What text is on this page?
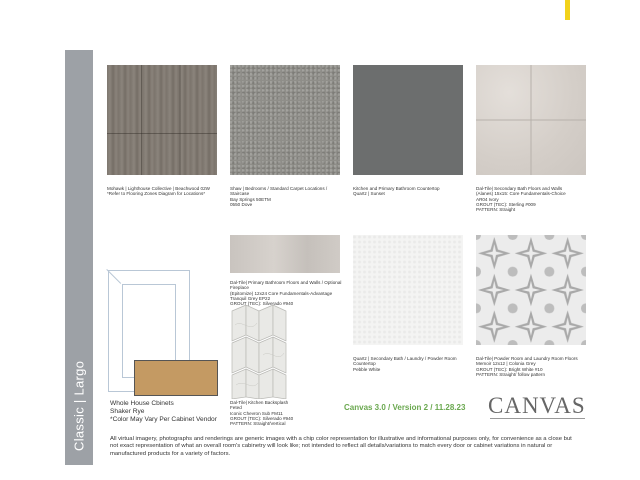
Classic | Largo
Mohawk | Lighthouse Collective | Beachwood 02W
*Refer to Flooring Zones Diagram for Locations*
Shaw | Bedrooms / Standard Carpet Locations /
Staircase
Bay Springs 50ETM
0550 Dove
Kitchen and Primary Bathroom Countertop
Quartz | Sunset
Dal-Tile| Secondary Bath Floors and Walls
(Alanes) 15x15: Core Fundamentals-Choice
AR04 Ivory
GROUT (TEC): Sterling #009
PATTERN: Straight
Dal-Tile| Primary Bathroom Floors and Walls / Optional
Fireplace
(Epitomize) 12x24 Core Fundamentals-Advantage
Tranquil Grey EP22
GROUT (TEC): Silverado #940
Quartz | Secondary Bath / Laundry / Powder Room
Countertop
Pebble White
Dal-Tile| Powder Room and Laundry Room Floors
Memoir 12x12 | Colonia Grey
GROUT (TEC): Bright White #10
PATTERN: Straight/ follow pattern
Dal-Tile| Kitchen Backsplash
Feted
Iconic Chevron Sub FM11
GROUT (TEC): Silverado #940
PATTERN: Straight/Vertical
Whole House Cbinets
Shaker Rye
*Color May Vary Per Cabinet Vendor
Canvas 3.0 / Version 2 / 11.28.23 CANVAS
All virtual imagery, photographs and renderings are generic images with a chip color representation for illustrative and informational purposes only, for convenience as a close but not exact representation of what an overall room's cabinetry will look like; not intended to reflect all details/variations to match every door or cabinet variations in natural or manufactured products for a variety of factors.
